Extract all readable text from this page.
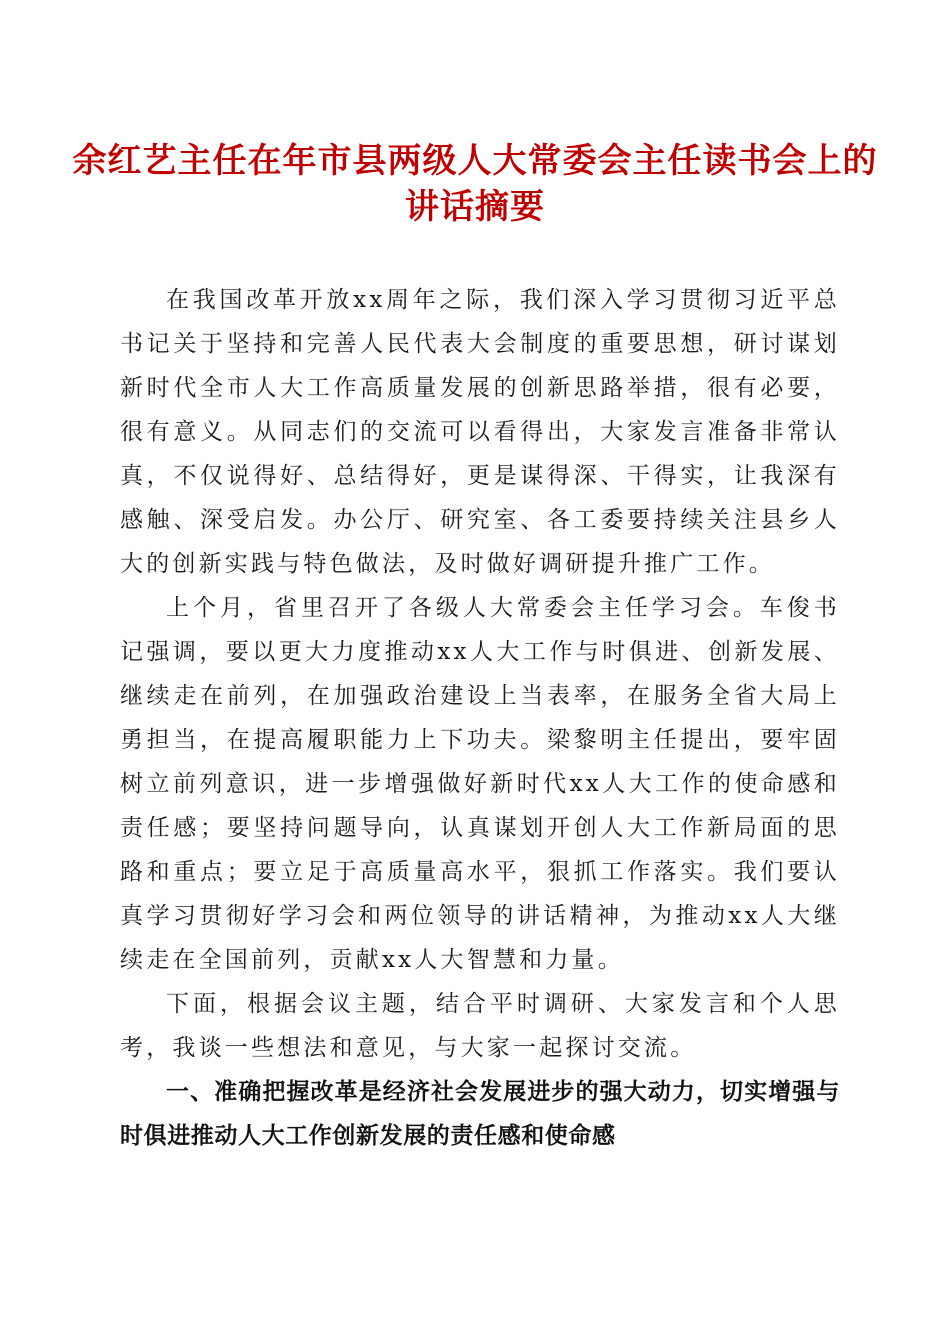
余红艺主任在年市县两级人大常委会主任读书会上的讲话摘要

在我国改革开放xx周年之际，我们深入学习贯彻习近平总书记关于坚持和完善人民代表大会制度的重要思想，研讨谋划新时代全市人大工作高质量发展的创新思路举措，很有必要，很有意义。从同志们的交流可以看得出，大家发言准备非常认真，不仅说得好、总结得好，更是谋得深、干得实，让我深有感触、深受启发。办公厅、研究室、各工委要持续关注县乡人大的创新实践与特色做法，及时做好调研提升推广工作。

上个月，省里召开了各级人大常委会主任学习会。车俊书记强调，要以更大力度推动xx人大工作与时俱进、创新发展、继续走在前列，在加强政治建设上当表率，在服务全省大局上勇担当，在提高履职能力上下功夫。梁黎明主任提出，要牢固树立前列意识，进一步增强做好新时代xx人大工作的使命感和责任感；要坚持问题导向，认真谋划开创人大工作新局面的思路和重点；要立足于高质量高水平，狠抓工作落实。我们要认真学习贯彻好学习会和两位领导的讲话精神，为推动xx人大继续走在全国前列，贡献xx人大智慧和力量。

下面，根据会议主题，结合平时调研、大家发言和个人思考，我谈一些想法和意见，与大家一起探讨交流。

一、准确把握改革是经济社会发展进步的强大动力，切实增强与时俱进推动人大工作创新发展的责任感和使命感
